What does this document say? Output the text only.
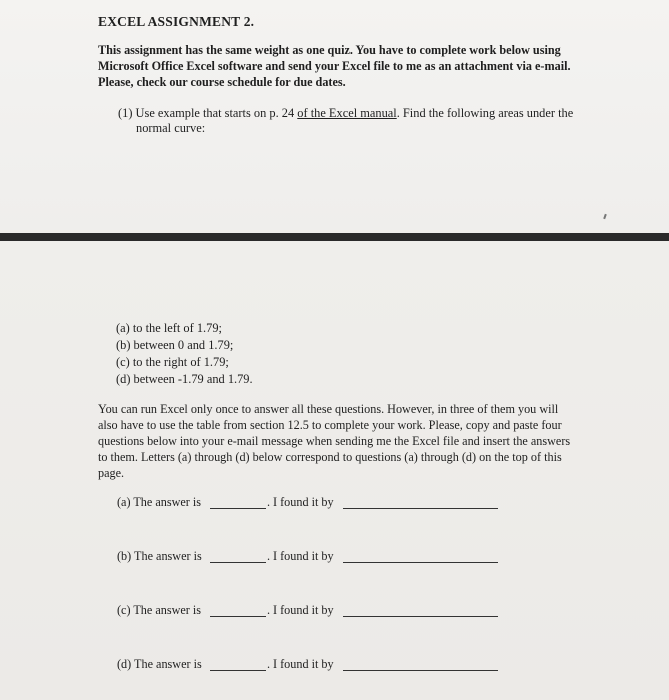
EXCEL ASSIGNMENT 2.
This assignment has the same weight as one quiz. You have to complete work below using
Microsoft Office Excel software and send your Excel file to me as an attachment via e-mail.
Please, check our course schedule for due dates.
(1) Use example that starts on p. 24 of the Excel manual. Find the following areas under the
normal curve:
(a) to the left of 1.79;
(b) between 0 and 1.79;
(c) to the right of 1.79;
(d) between -1.79 and 1.79.
You can run Excel only once to answer all these questions. However, in three of them you will
also have to use the table from section 12.5 to complete your work. Please, copy and paste four
questions below into your e-mail message when sending me the Excel file and insert the answers
to them. Letters (a) through (d) below correspond to questions (a) through (d) on the top of this
page.
(a) The answer is	. I found it by
(b) The answer is	. I found it by
(c) The answer is	. I found it by
(d) The answer is	. I found it by
